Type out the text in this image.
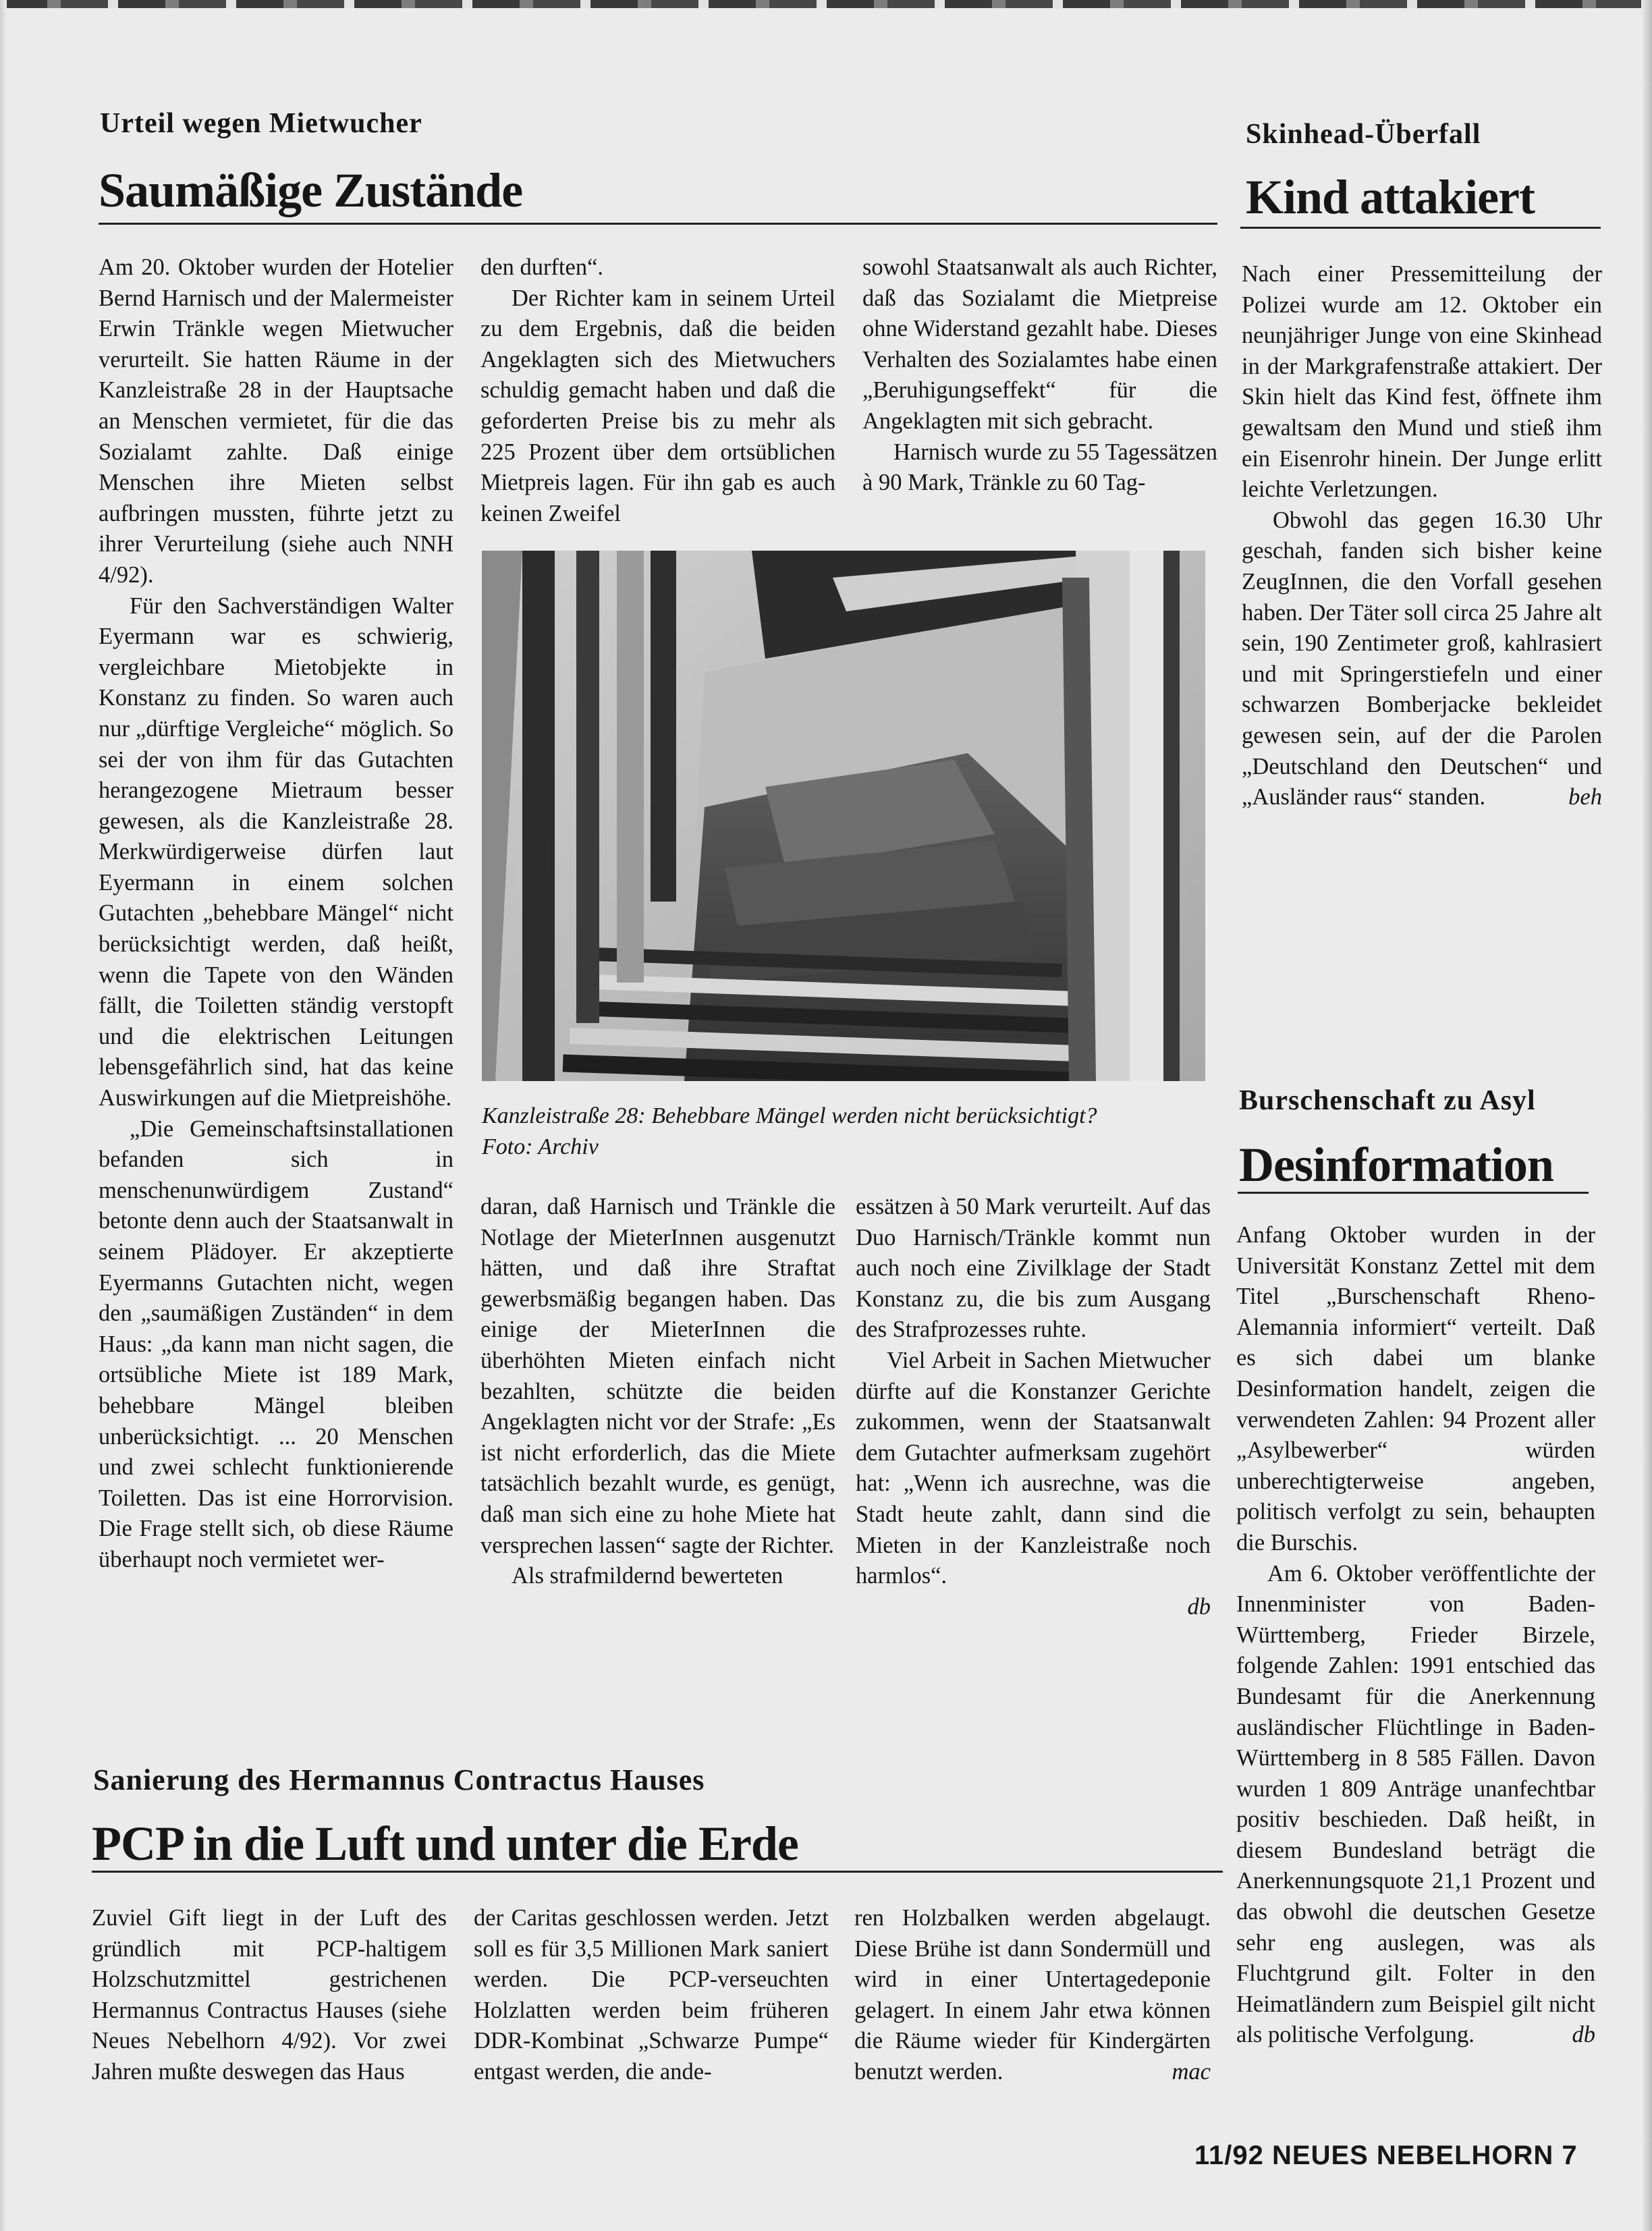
Urteil wegen Mietwucher
Saumäßige Zustände

Am 20. Oktober wurden der Hotelier Bernd Harnisch und der Malermeister Erwin Tränkle wegen Mietwucher verurteilt. Sie hatten Räume in der Kanzleistraße 28 in der Hauptsache an Menschen vermietet, für die das Sozialamt zahlte. Daß einige Menschen ihre Mieten selbst aufbringen mussten, führte jetzt zu ihrer Verurteilung (siehe auch NNH 4/92).

Für den Sachverständigen Walter Eyermann war es schwierig, vergleichbare Mietobjekte in Konstanz zu finden. So waren auch nur „dürftige Vergleiche“ möglich. So sei der von ihm für das Gutachten herangezogene Mietraum besser gewesen, als die Kanzleistraße 28. Merkwürdigerweise dürfen laut Eyermann in einem solchen Gutachten „behebbare Mängel“ nicht berücksichtigt werden, daß heißt, wenn die Tapete von den Wänden fällt, die Toiletten ständig verstopft und die elektrischen Leitungen lebensgefährlich sind, hat das keine Auswirkungen auf die Mietpreishöhe.

„Die Gemeinschaftsinstallationen befanden sich in menschenunwürdigem Zustand“ betonte denn auch der Staatsanwalt in seinem Plädoyer. Er akzeptierte Eyermanns Gutachten nicht, wegen den „saumäßigen Zuständen“ in dem Haus: „da kann man nicht sagen, die ortsübliche Miete ist 189 Mark, behebbare Mängel bleiben unberücksichtigt. ... 20 Menschen und zwei schlecht funktionierende Toiletten. Das ist eine Horrorvision. Die Frage stellt sich, ob diese Räume überhaupt noch vermietet wer-

den durften“.

Der Richter kam in seinem Urteil zu dem Ergebnis, daß die beiden Angeklagten sich des Mietwuchers schuldig gemacht haben und daß die geforderten Preise bis zu mehr als 225 Prozent über dem ortsüblichen Mietpreis lagen. Für ihn gab es auch keinen Zweifel

sowohl Staatsanwalt als auch Richter, daß das Sozialamt die Mietpreise ohne Widerstand gezahlt habe. Dieses Verhalten des Sozialamtes habe einen „Beruhigungseffekt“ für die Angeklagten mit sich gebracht.

Harnisch wurde zu 55 Tagessätzen à 90 Mark, Tränkle zu 60 Tag-

Kanzleistraße 28: Behebbare Mängel werden nicht berücksichtigt?
Foto: Archiv

daran, daß Harnisch und Tränkle die Notlage der MieterInnen ausgenutzt hätten, und daß ihre Straftat gewerbsmäßig begangen haben. Das einige der MieterInnen die überhöhten Mieten einfach nicht bezahlten, schützte die beiden Angeklagten nicht vor der Strafe: „Es ist nicht erforderlich, das die Miete tatsächlich bezahlt wurde, es genügt, daß man sich eine zu hohe Miete hat versprechen lassen“ sagte der Richter.

Als strafmildernd bewerteten

essätzen à 50 Mark verurteilt. Auf das Duo Harnisch/Tränkle kommt nun auch noch eine Zivilklage der Stadt Konstanz zu, die bis zum Ausgang des Strafprozesses ruhte.

Viel Arbeit in Sachen Mietwucher dürfte auf die Konstanzer Gerichte zukommen, wenn der Staatsanwalt dem Gutachter aufmerksam zugehört hat: „Wenn ich ausrechne, was die Stadt heute zahlt, dann sind die Mieten in der Kanzleistraße noch harmlos“.

db

Skinhead-Überfall
Kind attakiert

Nach einer Pressemitteilung der Polizei wurde am 12. Oktober ein neunjähriger Junge von eine Skinhead in der Markgrafenstraße attakiert. Der Skin hielt das Kind fest, öffnete ihm gewaltsam den Mund und stieß ihm ein Eisenrohr hinein. Der Junge erlitt leichte Verletzungen.

Obwohl das gegen 16.30 Uhr geschah, fanden sich bisher keine ZeugInnen, die den Vorfall gesehen haben. Der Täter soll circa 25 Jahre alt sein, 190 Zentimeter groß, kahlrasiert und mit Springerstiefeln und einer schwarzen Bomberjacke bekleidet gewesen sein, auf der die Parolen „Deutschland den Deutschen“ und „Ausländer raus“ standen.	beh

Burschenschaft zu Asyl
Desinformation

Anfang Oktober wurden in der Universität Konstanz Zettel mit dem Titel „Burschenschaft Rheno-Alemannia informiert“ verteilt. Daß es sich dabei um blanke Desinformation handelt, zeigen die verwendeten Zahlen: 94 Prozent aller „Asylbewerber“ würden unberechtigterweise angeben, politisch verfolgt zu sein, behaupten die Burschis.

Am 6. Oktober veröffentlichte der Innenminister von Baden-Württemberg, Frieder Birzele, folgende Zahlen: 1991 entschied das Bundesamt für die Anerkennung ausländischer Flüchtlinge in Baden-Württemberg in 8 585 Fällen. Davon wurden 1 809 Anträge unanfechtbar positiv beschieden. Daß heißt, in diesem Bundesland beträgt die Anerkennungsquote 21,1 Prozent und das obwohl die deutschen Gesetze sehr eng auslegen, was als Fluchtgrund gilt. Folter in den Heimatländern zum Beispiel gilt nicht als politische Verfolgung.	db

Sanierung des Hermannus Contractus Hauses
PCP in die Luft und unter die Erde

Zuviel Gift liegt in der Luft des gründlich mit PCP-haltigem Holzschutzmittel gestrichenen Hermannus Contractus Hauses (siehe Neues Nebelhorn 4/92). Vor zwei Jahren mußte deswegen das Haus

der Caritas geschlossen werden. Jetzt soll es für 3,5 Millionen Mark saniert werden. Die PCP-verseuchten Holzlatten werden beim früheren DDR-Kombinat „Schwarze Pumpe“ entgast werden, die ande-

ren Holzbalken werden abgelaugt. Diese Brühe ist dann Sondermüll und wird in einer Untertagedeponie gelagert. In einem Jahr etwa können die Räume wieder für Kindergärten benutzt werden.	mac

11/92 NEUES NEBELHORN 7
